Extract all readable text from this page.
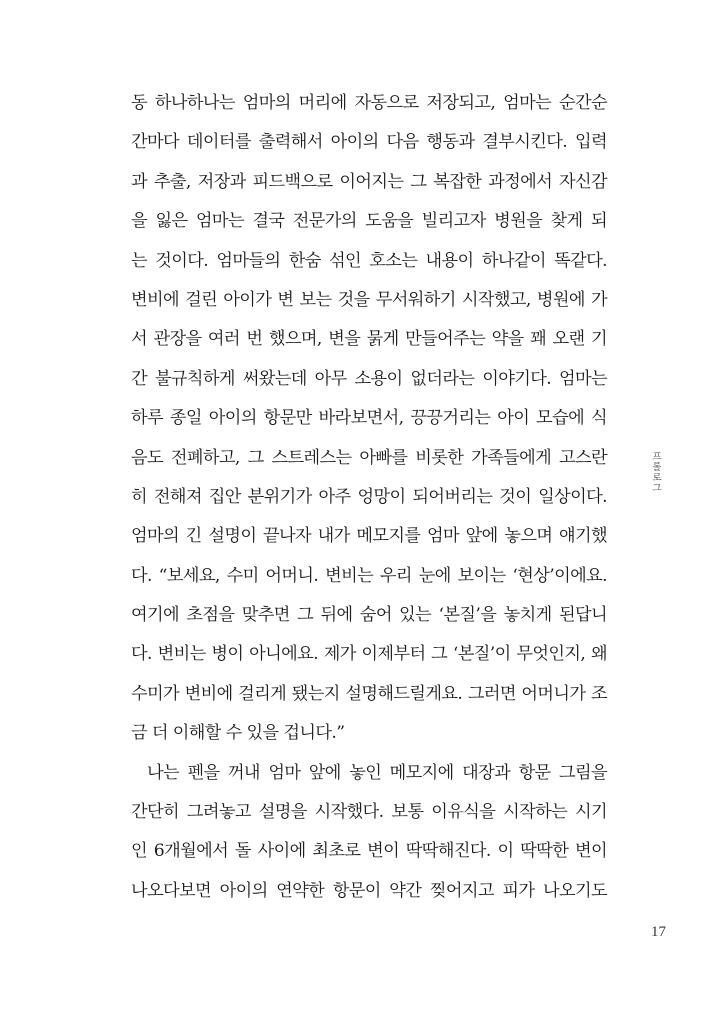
동 하나하나는 엄마의 머리에 자동으로 저장되고, 엄마는 순간순
간마다 데이터를 출력해서 아이의 다음 행동과 결부시킨다. 입력
과 추출, 저장과 피드백으로 이어지는 그 복잡한 과정에서 자신감
을 잃은 엄마는 결국 전문가의 도움을 빌리고자 병원을 찾게 되
는 것이다. 엄마들의 한숨 섞인 호소는 내용이 하나같이 똑같다.
변비에 걸린 아이가 변 보는 것을 무서워하기 시작했고, 병원에 가
서 관장을 여러 번 했으며, 변을 묽게 만들어주는 약을 꽤 오랜 기
간 불규칙하게 써왔는데 아무 소용이 없더라는 이야기다. 엄마는
하루 종일 아이의 항문만 바라보면서, 끙끙거리는 아이 모습에 식
음도 전폐하고, 그 스트레스는 아빠를 비롯한 가족들에게 고스란
히 전해져 집안 분위기가 아주 엉망이 되어버리는 것이 일상이다.
엄마의 긴 설명이 끝나자 내가 메모지를 엄마 앞에 놓으며 얘기했
다. “보세요, 수미 어머니. 변비는 우리 눈에 보이는 ‘현상’이에요.
여기에 초점을 맞추면 그 뒤에 숨어 있는 ‘본질’을 놓치게 된답니
다. 변비는 병이 아니에요. 제가 이제부터 그 ‘본질’이 무엇인지, 왜
수미가 변비에 걸리게 됐는지 설명해드릴게요. 그러면 어머니가 조
금 더 이해할 수 있을 겁니다.”
나는 펜을 꺼내 엄마 앞에 놓인 메모지에 대장과 항문 그림을
간단히 그려놓고 설명을 시작했다. 보통 이유식을 시작하는 시기
인 6개월에서 돌 사이에 최초로 변이 딱딱해진다. 이 딱딱한 변이
나오다보면 아이의 연약한 항문이 약간 찢어지고 피가 나오기도
프롤로그
17
